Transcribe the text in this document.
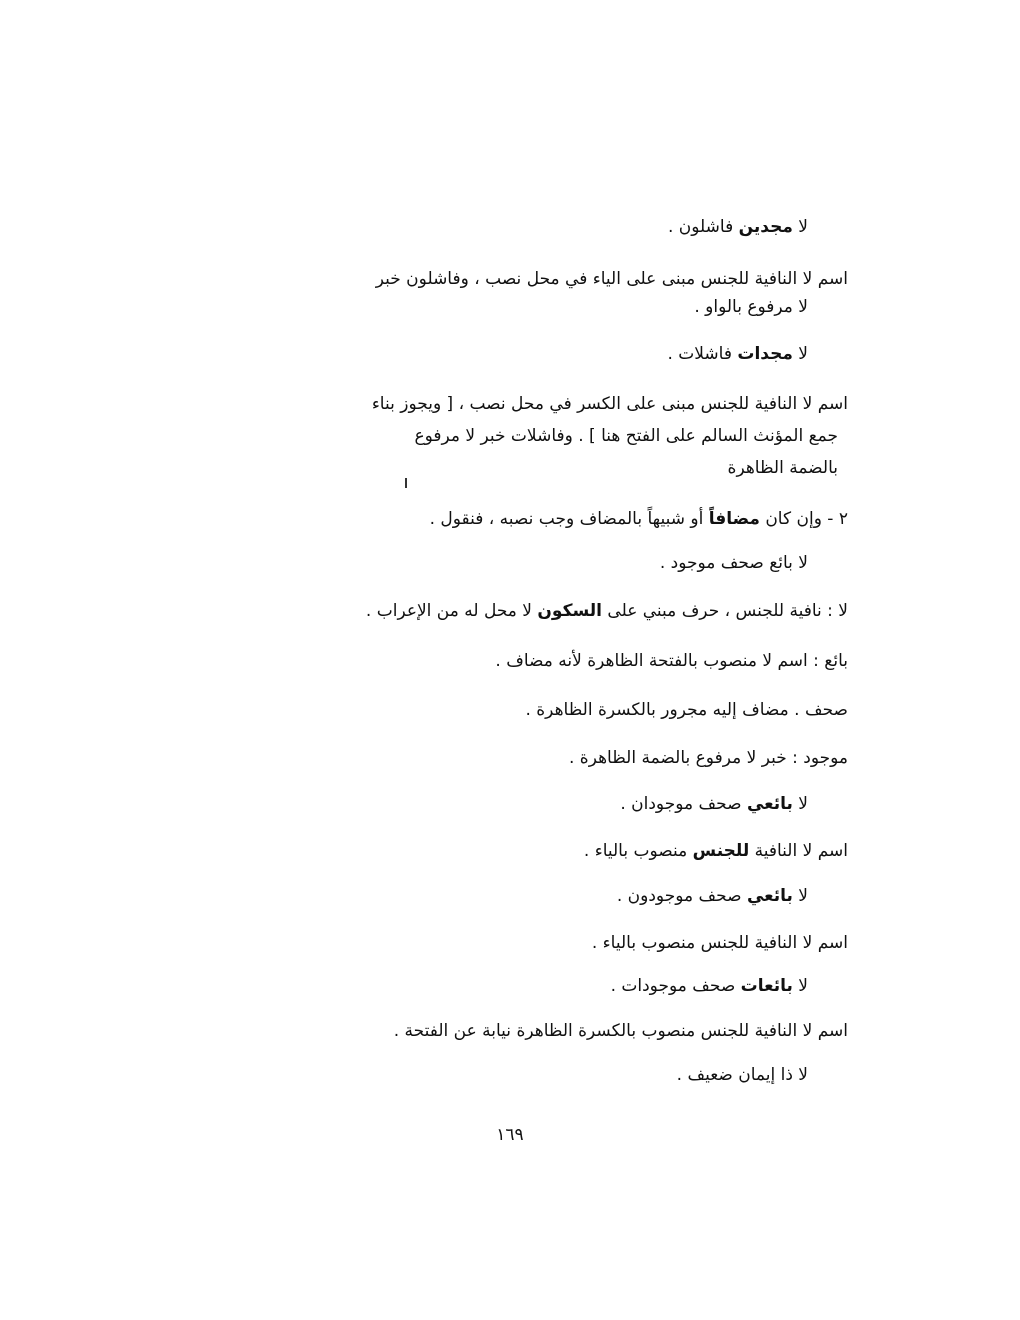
لا مجدين فاشلون .
اسم لا النافية للجنس مبنى على الياء في محل نصب ، وفاشلون خبر
لا مرفوع بالواو .
لا مجدات فاشلات .
اسم لا النافية للجنس مبنى على الكسر في محل نصب ، [ ويجوز بناء
جمع المؤنث السالم على الفتح هنا ] . وفاشلات خبر لا مرفوع
بالضمة الظاهرة
٢ - وإن كان مضافاً أو شبيهاً بالمضاف وجب نصبه ، فنقول .
لا بائع صحف موجود .
لا : نافية للجنس ، حرف مبني على السكون لا محل له من الإعراب .
بائع : اسم لا منصوب بالفتحة الظاهرة لأنه مضاف .
صحف . مضاف إليه مجرور بالكسرة الظاهرة .
موجود : خبر لا مرفوع بالضمة الظاهرة .
لا بائعي صحف موجودان .
اسم لا النافية للجنس منصوب بالياء .
لا بائعي صحف موجودون .
اسم لا النافية للجنس منصوب بالياء .
لا بائعات صحف موجودات .
اسم لا النافية للجنس منصوب بالكسرة الظاهرة نيابة عن الفتحة .
لا ذا إيمان ضعيف .
١٦٩
